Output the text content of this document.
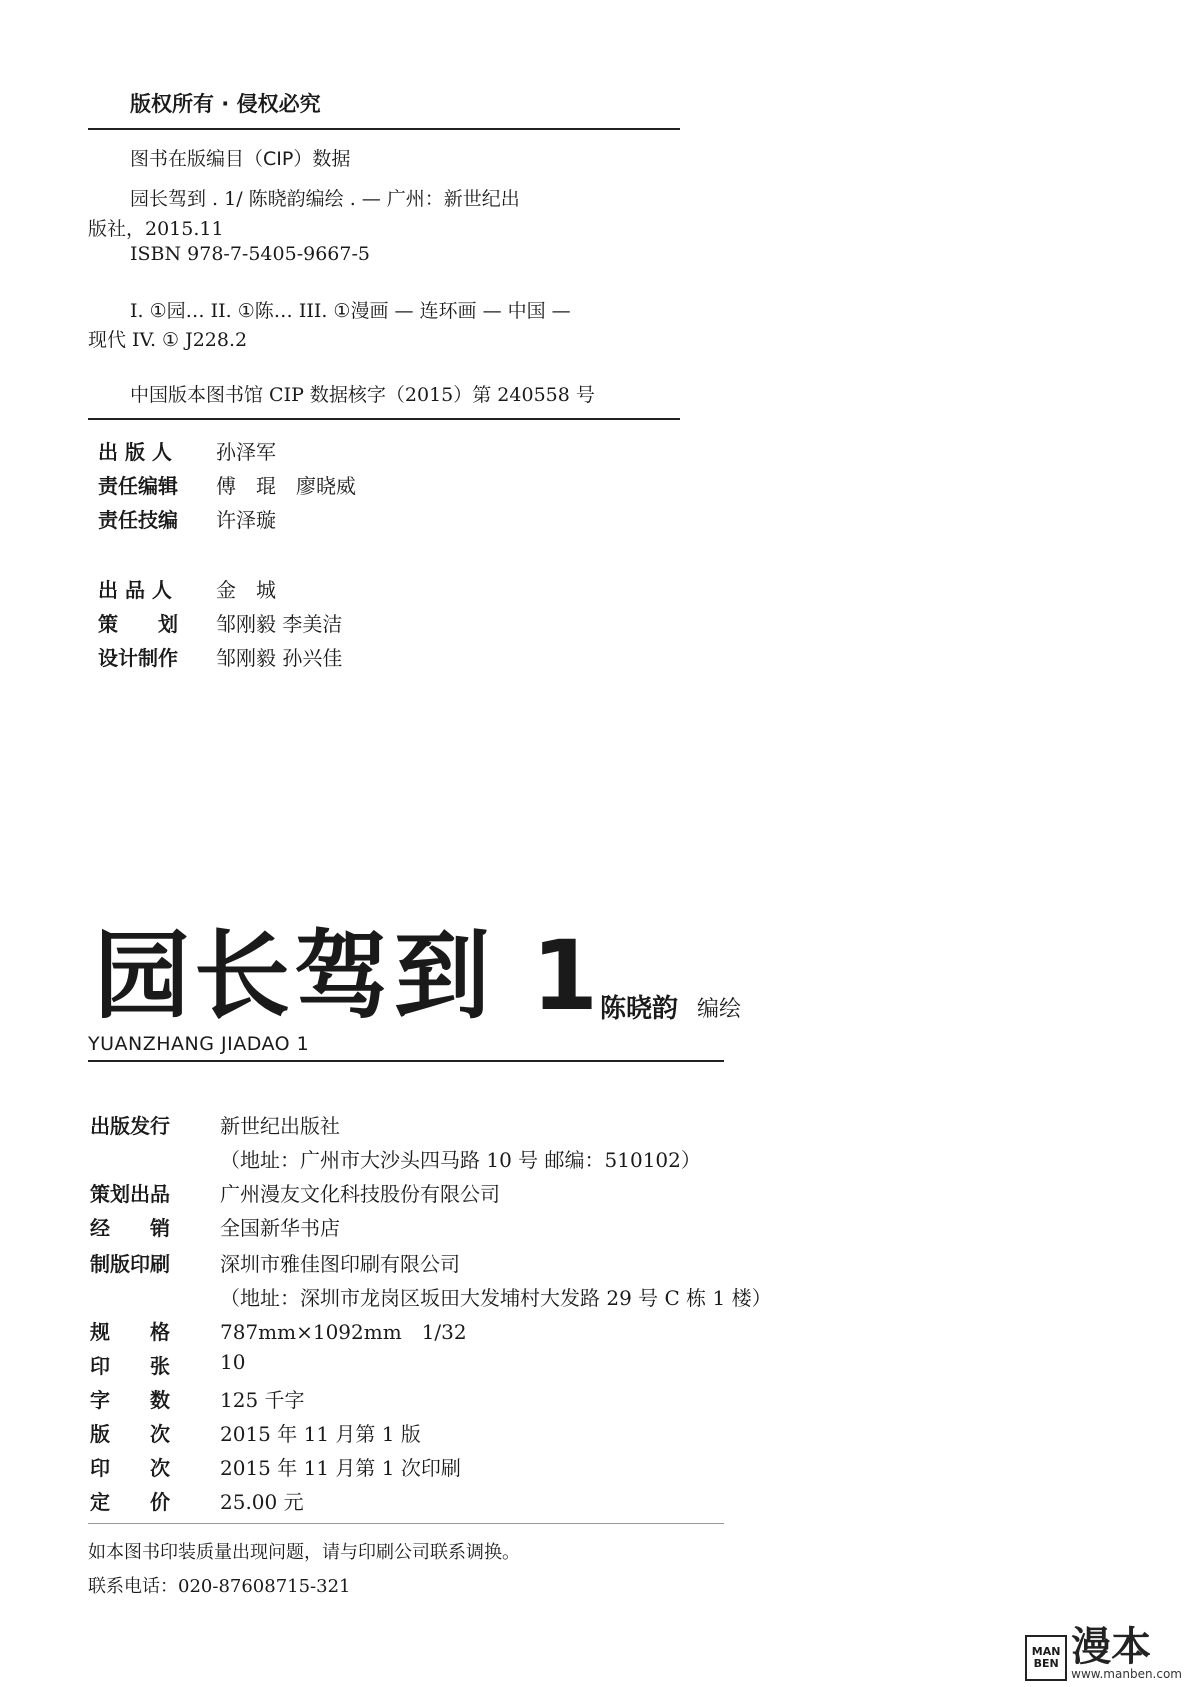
版权所有 · 侵权必究
图书在版编目（CIP）数据
园长驾到 . 1/ 陈晓韵编绘 . — 广州：新世纪出
版社，2015.11
ISBN 978-7-5405-9667-5
I. ①园… II. ①陈… III. ①漫画 — 连环画 — 中国 —
现代 IV. ① J228.2
中国版本图书馆 CIP 数据核字（2015）第 240558 号
出 版 人 孙泽军
责任编辑 傅　琨　廖晓威
责任技编 许泽璇
出 品 人 金　城
策　　划 邹刚毅 李美洁
设计制作 邹刚毅 孙兴佳
园长驾到 1
陈晓韵 编绘
YUANZHANG JIADAO 1
出版发行	新世纪出版社
（地址：广州市大沙头四马路 10 号 邮编：510102）
策划出品	广州漫友文化科技股份有限公司
经　　销	全国新华书店
制版印刷	深圳市雅佳图印刷有限公司
（地址：深圳市龙岗区坂田大发埔村大发路 29 号 C 栋 1 楼）
规　　格	787mm×1092mm　1/32
印　　张	10
字　　数	125 千字
版　　次	2015 年 11 月第 1 版
印　　次	2015 年 11 月第 1 次印刷
定　　价	25.00 元
如本图书印装质量出现问题，请与印刷公司联系调换。
联系电话：020-87608715-321
MAN
BEN 漫本
www.manben.com
